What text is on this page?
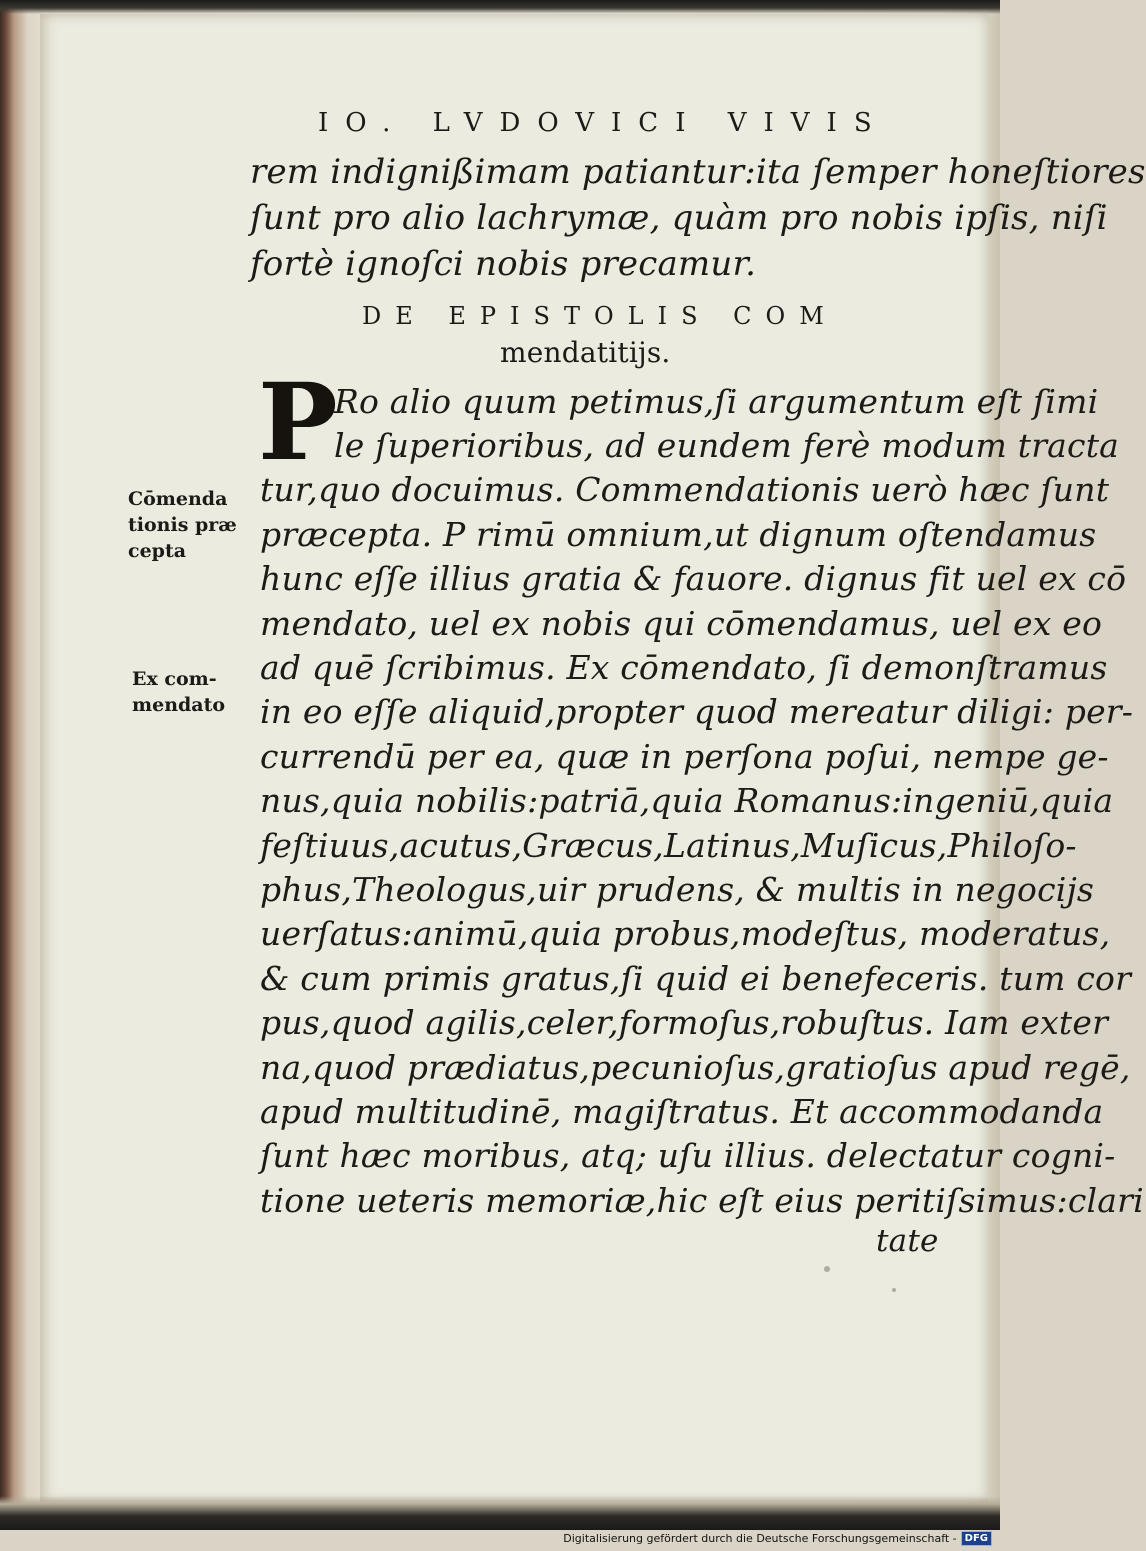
IO. LVDOVICI VIVIS
rem indignißimam patiantur:ita ſemper honeſtiores
ſunt pro alio lachrymæ, quàm pro nobis ipſis, niſi
fortè ignoſci nobis precamur.
DE EPISTOLIS COM
mendatitijs.
P
Ro alio quum petimus,ſi argumentum eſt ſimi
le ſuperioribus, ad eundem ferè modum tracta
tur,quo docuimus. Commendationis uerò hæc ſunt
præcepta. P rimū omnium,ut dignum oſtendamus
hunc eſſe illius gratia & fauore. dignus fit uel ex cō
mendato, uel ex nobis qui cōmendamus, uel ex eo
ad quē ſcribimus. Ex cōmendato, ſi demonſtramus
in eo eſſe aliquid,propter quod mereatur diligi: per-
currendū per ea, quæ in perſona poſui, nempe ge-
nus,quia nobilis:patriā,quia Romanus:ingeniū,quia
feſtiuus,acutus,Græcus,Latinus,Muſicus,Philoſo-
phus,Theologus,uir prudens, & multis in negocijs
uerſatus:animū,quia probus,modeſtus, moderatus,
& cum primis gratus,ſi quid ei benefeceris. tum cor
pus,quod agilis,celer,formoſus,robuſtus. Iam exter
na,quod prædiatus,pecunioſus,gratioſus apud regē,
apud multitudinē, magiſtratus. Et accommodanda
ſunt hæc moribus, atq; uſu illius. delectatur cogni-
tione ueteris memoriæ,hic eſt eius peritiſsimus:clari
tate
Cōmenda
tionis præ
cepta
Ex com-
mendato
Digitalisierung gefördert durch die Deutsche Forschungsgemeinschaft - DFG
